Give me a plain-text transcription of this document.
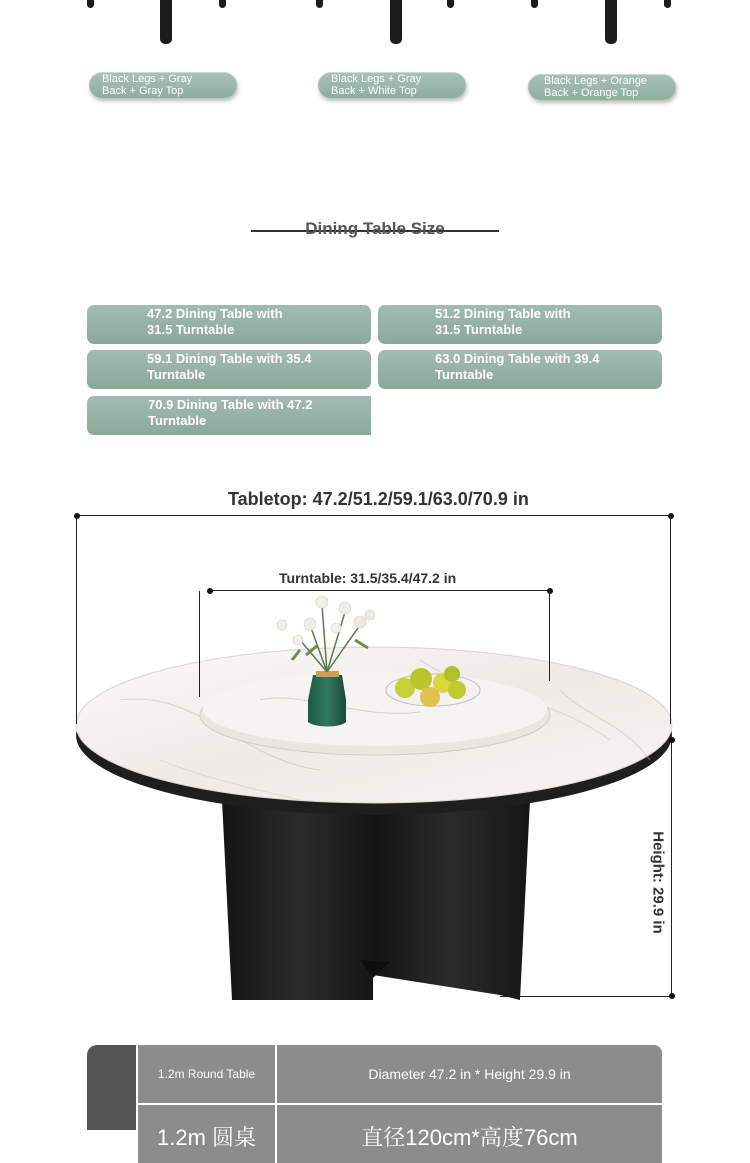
Black Legs + Gray
Back + Gray Top
Black Legs + Gray
Back + White Top
Black Legs + Orange
Back + Orange Top
Dining Table Size
47.2 Dining Table with
31.5 Turntable
51.2 Dining Table with
31.5 Turntable
59.1 Dining Table with 35.4
Turntable
63.0 Dining Table with 39.4
Turntable
70.9 Dining Table with 47.2
Turntable
Tabletop: 47.2/51.2/59.1/63.0/70.9 in
Turntable: 31.5/35.4/47.2 in
Height: 29.9 in
1.2m Round Table	Diameter 47.2 in * Height 29.9 in
1.2m 圆桌	直径120cm*高度76cm
